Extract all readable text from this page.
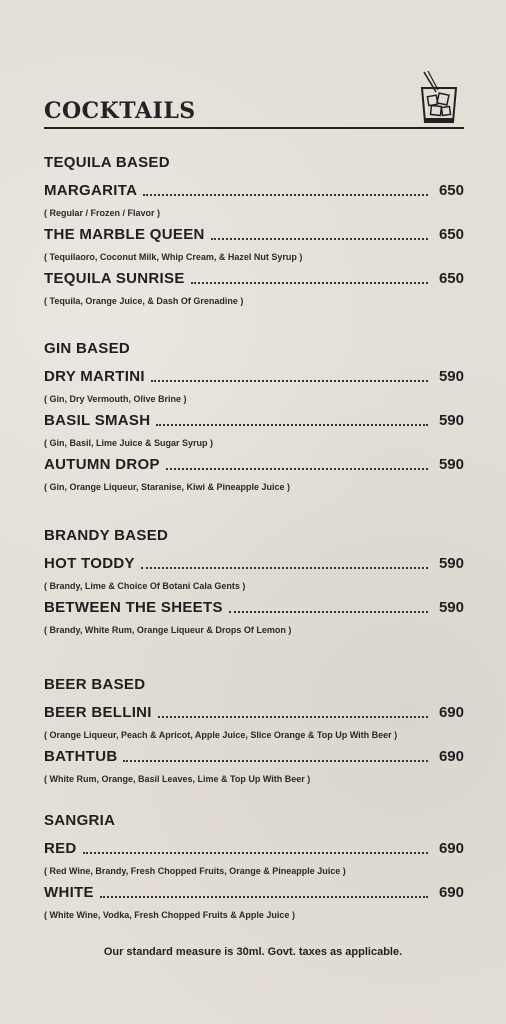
COCKTAILS
TEQUILA BASED
MARGARITA	650
( Regular / Frozen / Flavor )
THE MARBLE QUEEN	650
( Tequilaoro, Coconut Milk, Whip Cream, & Hazel Nut Syrup )
TEQUILA SUNRISE	650
( Tequila, Orange Juice, & Dash Of Grenadine )
GIN BASED
DRY MARTINI	590
( Gin, Dry Vermouth, Olive Brine )
BASIL SMASH	590
( Gin, Basil, Lime Juice & Sugar Syrup )
AUTUMN DROP	590
( Gin, Orange Liqueur, Staranise, Kiwi & Pineapple Juice )
BRANDY BASED
HOT TODDY	590
( Brandy, Lime & Choice Of Botani Cala Gents )
BETWEEN THE SHEETS	590
( Brandy, White Rum, Orange Liqueur & Drops Of Lemon )
BEER BASED
BEER BELLINI	690
( Orange Liqueur, Peach & Apricot, Apple Juice, Slice Orange & Top Up With Beer )
BATHTUB	690
( White Rum, Orange, Basil Leaves, Lime & Top Up With Beer )
SANGRIA
RED	690
( Red Wine, Brandy, Fresh Chopped Fruits, Orange & Pineapple Juice )
WHITE	690
( White Wine, Vodka, Fresh Chopped Fruits & Apple Juice )
Our standard measure is 30ml. Govt. taxes as applicable.
